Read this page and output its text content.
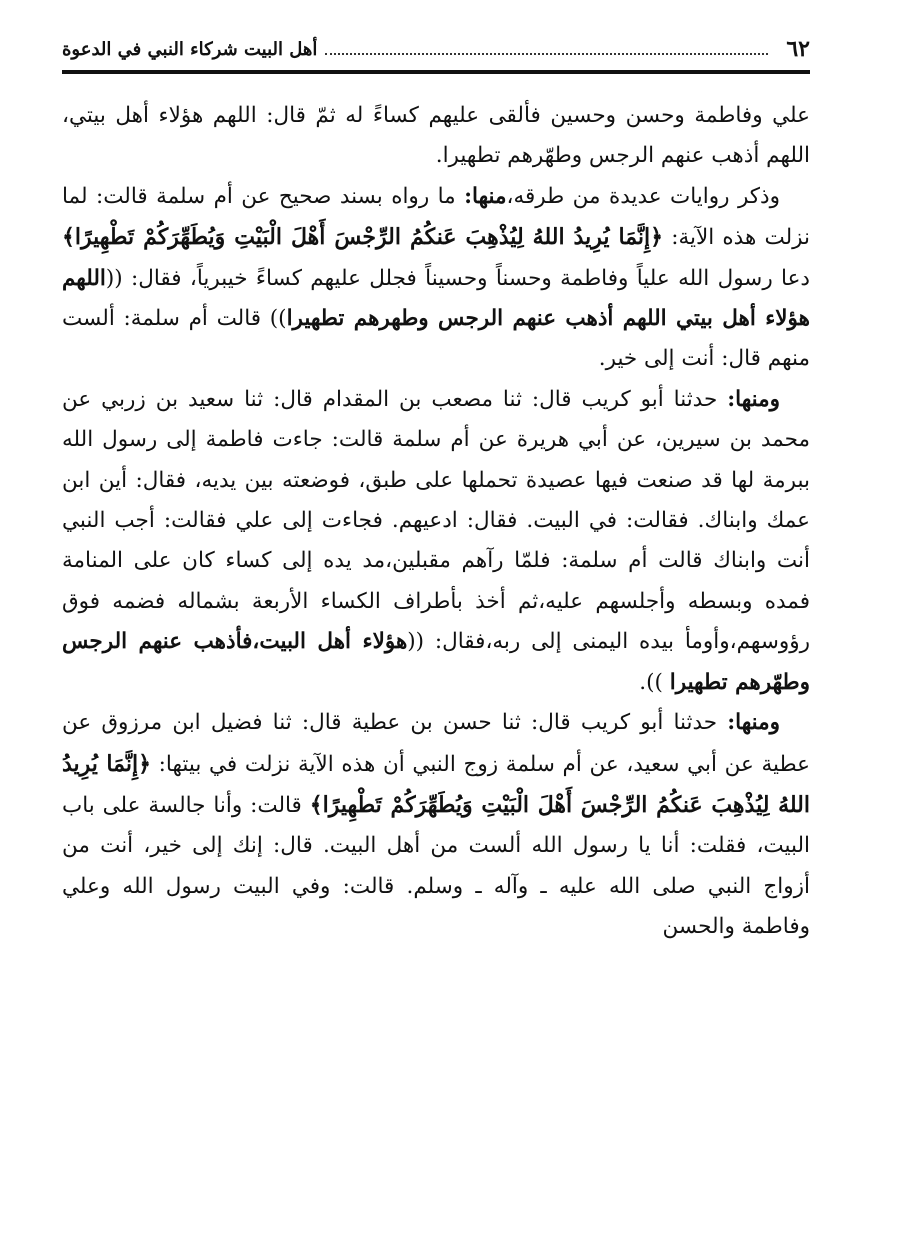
٦٢
أهل البيت شركاء النبي في الدعوة

علي وفاطمة وحسن وحسين فألقى عليهم كساءً له ثمّ قال: اللهم هؤلاء أهل بيتي، اللهم أذهب عنهم الرجس وطهّرهم تطهيرا.

وذكر روايات عديدة من طرقه،منها: ما رواه بسند صحيح عن أم سلمة قالت: لما نزلت هذه الآية: ﴿إِنَّمَا يُرِيدُ اللهُ لِيُذْهِبَ عَنكُمُ الرِّجْسَ أَهْلَ الْبَيْتِ وَيُطَهِّرَكُمْ تَطْهِيرًا﴾ دعا رسول الله علياً وفاطمة وحسناً وحسيناً فجلل عليهم كساءً خيبرياً، فقال: ((اللهم هؤلاء أهل بيتي اللهم أذهب عنهم الرجس وطهرهم تطهيرا)) قالت أم سلمة: ألست منهم قال: أنت إلى خير.

ومنها: حدثنا أبو كريب قال: ثنا مصعب بن المقدام قال: ثنا سعيد بن زربي عن محمد بن سيرين، عن أبي هريرة عن أم سلمة قالت: جاءت فاطمة إلى رسول الله ببرمة لها قد صنعت فيها عصيدة تحملها على طبق، فوضعته بين يديه، فقال: أين ابن عمك وابناك. فقالت: في البيت. فقال: ادعيهم. فجاءت إلى علي فقالت: أجب النبي أنت وابناك قالت أم سلمة: فلمّا رآهم مقبلين،مد يده إلى كساء كان على المنامة فمده وبسطه وأجلسهم عليه،ثم أخذ بأطراف الكساء الأربعة بشماله فضمه فوق رؤوسهم،وأومأ بيده اليمنى إلى ربه،فقال: ((هؤلاء أهل البيت،فأذهب عنهم الرجس وطهّرهم تطهيرا )).

ومنها: حدثنا أبو كريب قال: ثنا حسن بن عطية قال: ثنا فضيل ابن مرزوق عن عطية عن أبي سعيد، عن أم سلمة زوج النبي أن هذه الآية نزلت في بيتها: ﴿إِنَّمَا يُرِيدُ اللهُ لِيُذْهِبَ عَنكُمُ الرِّجْسَ أَهْلَ الْبَيْتِ وَيُطَهِّرَكُمْ تَطْهِيرًا﴾ قالت: وأنا جالسة على باب البيت، فقلت: أنا يا رسول الله ألست من أهل البيت. قال: إنك إلى خير، أنت من أزواج النبي صلى الله عليه ـ وآله ـ وسلم. قالت: وفي البيت رسول الله وعلي وفاطمة والحسن
